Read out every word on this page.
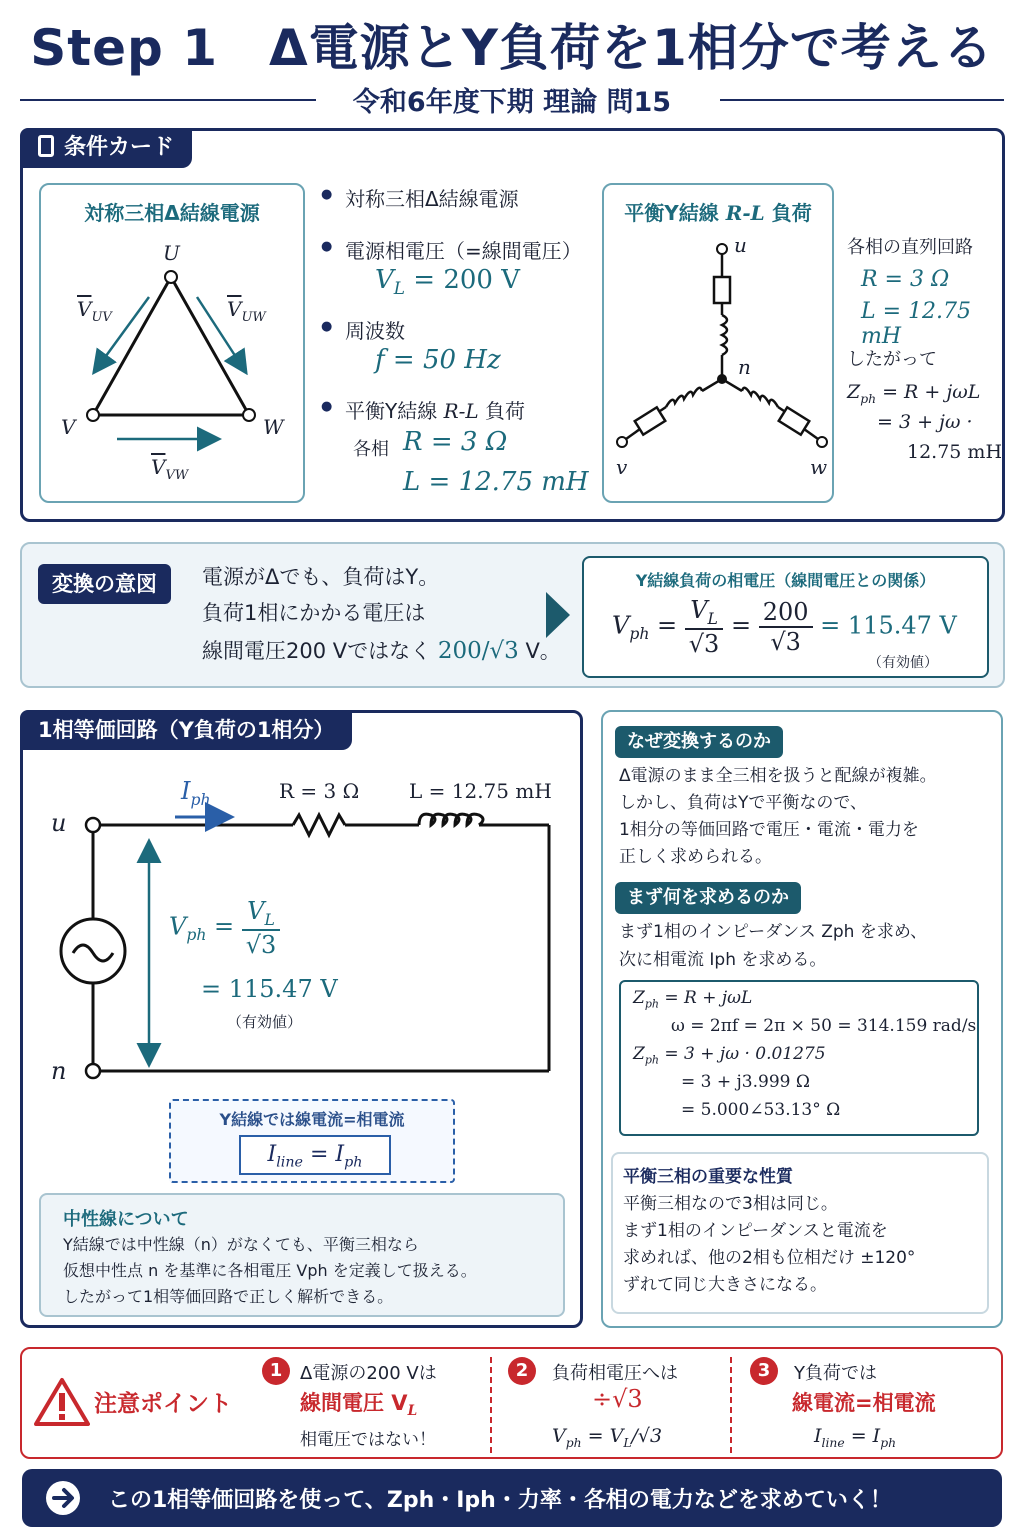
Step 1　Δ電源とY負荷を1相分で考える
令和6年度下期 理論 問15
条件カード
対称三相Δ結線電源
U
V	W
$\overline{V}_{UV}$	$\overline{V}_{UW}$
$\overline{V}_{VW}$
● 対称三相Δ結線電源
● 電源相電圧（=線間電圧）
$V_L = 200$ V
● 周波数
f = 50 Hz
● 平衡Y結線 R-L 負荷
各相 R = 3 Ω
L = 12.75 mH
平衡Y結線 R-L 負荷
u
n
v	w
各相の直列回路
R = 3 Ω
L = 12.75 mH
したがって
$Z_{ph} = R + j\omega L$
= 3 + jω ·
12.75 mH
変換の意図	電源がΔでも、負荷はY。
負荷1相にかかる電圧は
線間電圧200 Vではなく 200/√3 V。
Y結線負荷の相電圧（線間電圧との関係）
$V_{ph} = \frac{V_L}{√3} = \frac{200}{√3} = 115.47$ V
（有効値）
1相等価回路（Y負荷の1相分）
u
n
$I_{ph}$	R = 3 Ω L = 12.75 mH
$V_{ph} = \frac{V_L}{√3}$
= 115.47 V
（有効値）
Y結線では線電流=相電流
$I_{line} = I_{ph}$
中性線について
Y結線では中性線（n）がなくても、平衡三相なら
仮想中性点 n を基準に各相電圧 Vph を定義して扱える。
したがって1相等価回路で正しく解析できる。
なぜ変換するのか
Δ電源のまま全三相を扱うと配線が複雑。
しかし、負荷はYで平衡なので、
1相分の等価回路で電圧・電流・電力を
正しく求められる。
まず何を求めるのか
まず1相のインピーダンス Zph を求め、
次に相電流 Iph を求める。
$Z_{ph} = R + j\omega L$
ω = 2πf = 2π × 50 = 314.159 rad/s
$Z_{ph} = 3 + j\omega \cdot 0.01275$
= 3 + j3.999 Ω
= 5.000∠53.13° Ω
平衡三相の重要な性質
平衡三相なので3相は同じ。
まず1相のインピーダンスと電流を
求めれば、他の2相も位相だけ ±120°
ずれて同じ大きさになる。
注意ポイント
1 Δ電源の200 Vは
線間電圧 $V_L$
相電圧ではない！
2	負荷相電圧へは
÷√3
$V_{ph} = V_L/√3$
3	Y負荷では
線電流=相電流
$I_{line} = I_{ph}$
この1相等価回路を使って、Zph・Iph・力率・各相の電力などを求めていく！
